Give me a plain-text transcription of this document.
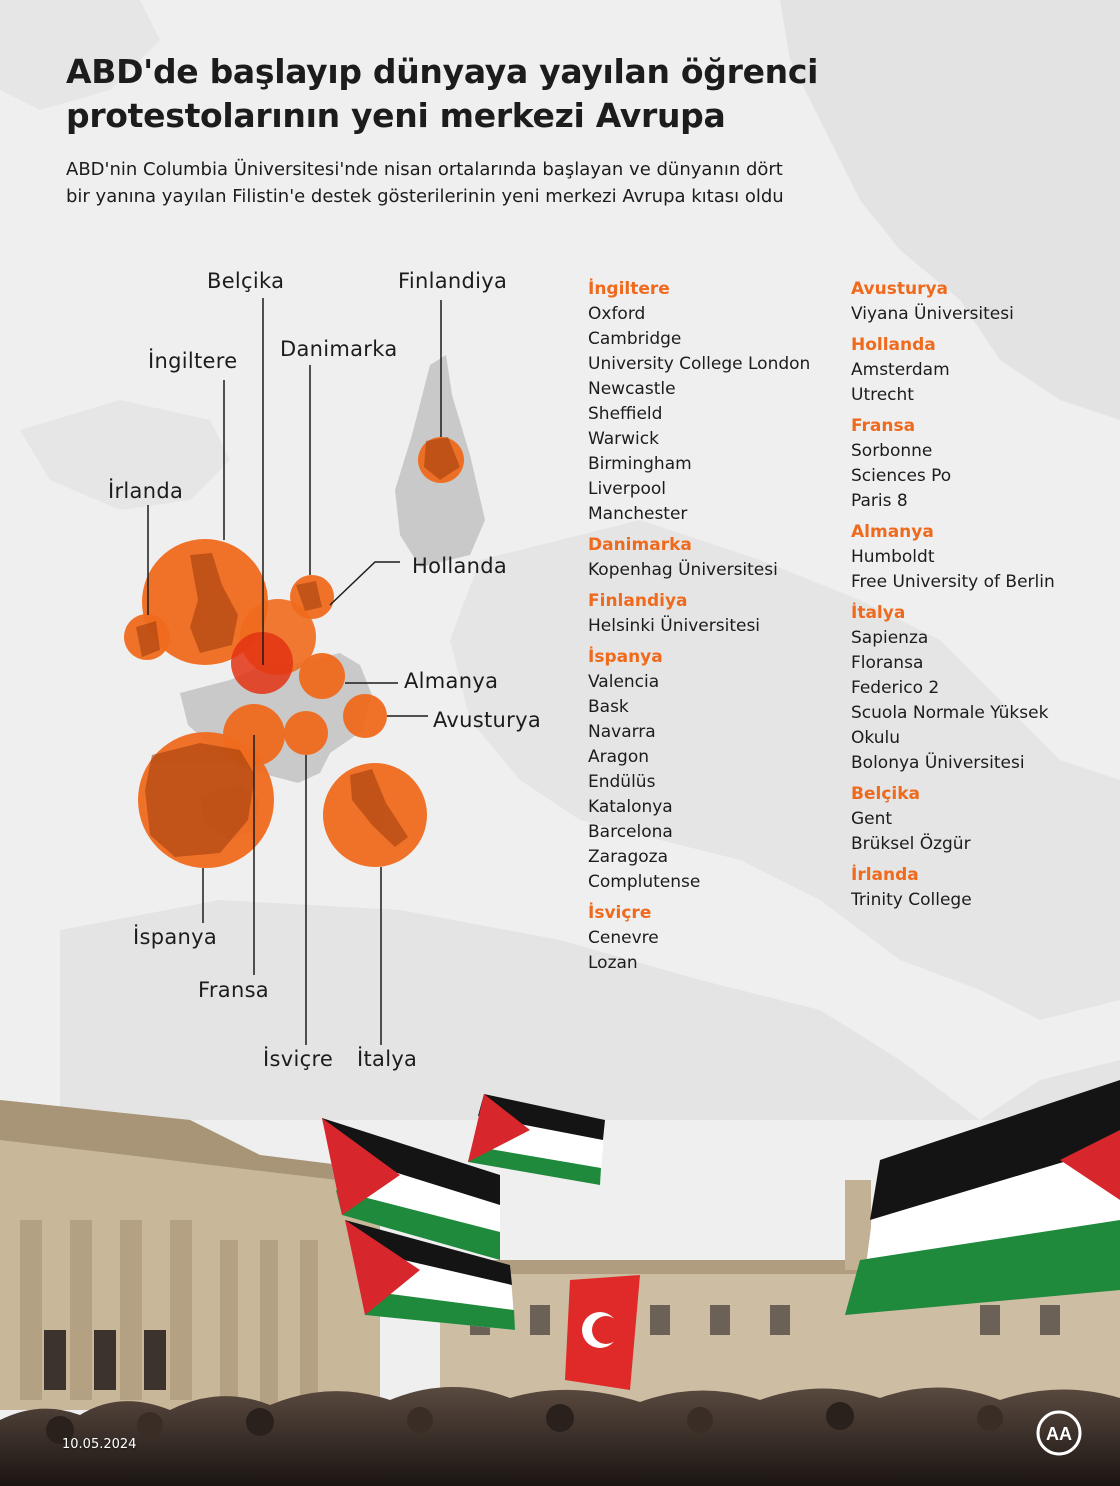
ABD'de başlayıp dünyaya yayılan öğrenci protestolarının yeni merkezi Avrupa

ABD'nin Columbia Üniversitesi'nde nisan ortalarında başlayan ve dünyanın dört bir yanına yayılan Filistin'e destek gösterilerinin yeni merkezi Avrupa kıtası oldu

Belçika	Finlandiya
İngiltere Danimarka
İrlanda
Hollanda
Almanya
Avusturya
İspanya
Fransa
İsviçre İtalya
İngiltere
Oxford
Cambridge
University College London
Newcastle
Sheffield
Warwick
Birmingham
Liverpool
Manchester
Danimarka
Kopenhag Üniversitesi
Finlandiya
Helsinki Üniversitesi
İspanya
Valencia
Bask
Navarra
Aragon
Endülüs
Katalonya
Barcelona
Zaragoza
Complutense
İsviçre
Cenevre
Lozan
Avusturya
Viyana Üniversitesi
Hollanda
Amsterdam
Utrecht
Fransa
Sorbonne
Sciences Po
Paris 8
Almanya
Humboldt
Free University of Berlin
İtalya
Sapienza
Floransa
Federico 2
Scuola Normale Yüksek Okulu
Bolonya Üniversitesi
Belçika
Gent
Brüksel Özgür
İrlanda
Trinity College
10.05.2024
AA
